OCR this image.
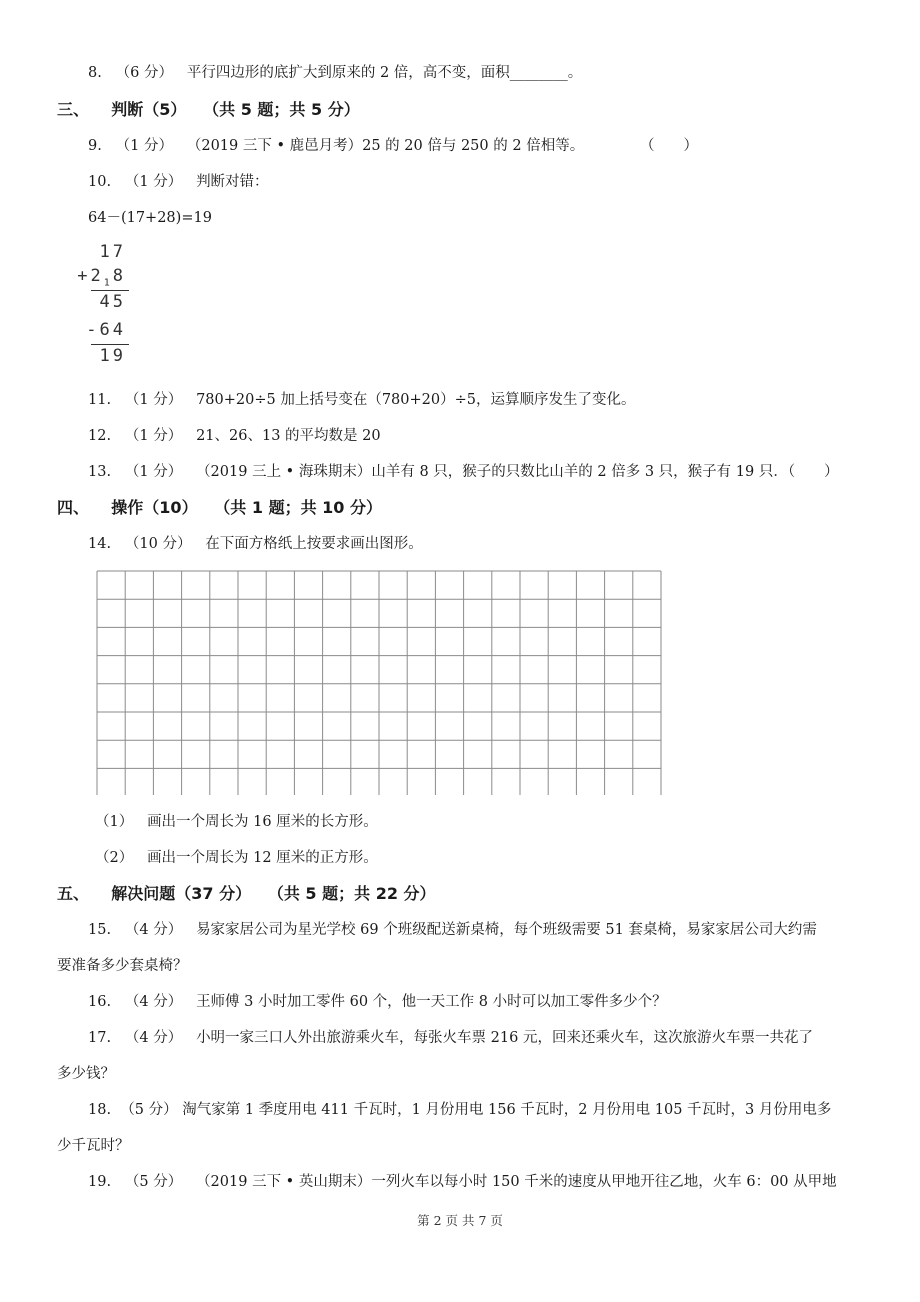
8. （6 分） 平行四边形的底扩大到原来的 2 倍，高不变，面积________。
三、 判断（5） （共 5 题；共 5 分）
9. （1 分） （2019 三下 • 鹿邑月考）25 的 20 倍与 250 的 2 倍相等。	（　　）
10. （1 分） 判断对错：
64－(17+28)=19
17
$+2_18$
45
-64
19
11. （1 分） 780+20÷5 加上括号变在（780+20）÷5，运算顺序发生了变化。
12. （1 分） 21、26、13 的平均数是 20
13. （1 分） （2019 三上 • 海珠期末）山羊有 8 只，猴子的只数比山羊的 2 倍多 3 只，猴子有 19 只．（　　）
四、 操作（10） （共 1 题；共 10 分）
14. （10 分） 在下面方格纸上按要求画出图形。
（1） 画出一个周长为 16 厘米的长方形。
（2） 画出一个周长为 12 厘米的正方形。
五、 解决问题（37 分） （共 5 题；共 22 分）
15. （4 分） 易家家居公司为星光学校 69 个班级配送新桌椅，每个班级需要 51 套桌椅，易家家居公司大约需
要准备多少套桌椅？
16. （4 分） 王师傅 3 小时加工零件 60 个，他一天工作 8 小时可以加工零件多少个？
17. （4 分） 小明一家三口人外出旅游乘火车，每张火车票 216 元，回来还乘火车，这次旅游火车票一共花了
多少钱？
18. （5 分） 淘气家第 1 季度用电 411 千瓦时，1 月份用电 156 千瓦时，2 月份用电 105 千瓦时，3 月份用电多
少千瓦时？
19. （5 分） （2019 三下 • 英山期末）一列火车以每小时 150 千米的速度从甲地开往乙地，火车 6：00 从甲地
第 2 页 共 7 页
